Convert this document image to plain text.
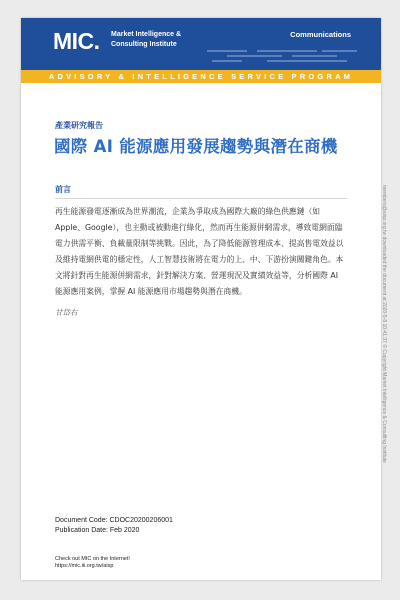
MIC. Market Intelligence &
Consulting Institute
Communications
ADVISORY & INTELLIGENCE SERVICE PROGRAM
產業研究報告
國際 AI 能源應用發展趨勢與潛在商機
前言
再生能源發電逐漸成為世界潮流，企業為爭取成為國際大廠的綠色供應鏈（如
Apple、Google），也主動或被動進行綠化，然而再生能源併網需求，導致電網面臨
電力供需平衡、負載量限制等挑戰。因此，為了降低能源管理成本、提高售電效益以
及維持電網供電的穩定性，人工智慧技術將在電力的上、中、下游扮演關鍵角色。本
文將針對再生能源併網需求，針對解決方案、營運現況及實績效益等，分析國際 AI
能源應用案例，掌握 AI 能源應用市場趨勢與潛在商機。
甘岱右
Document Code: CDOC20200206001
Publication Date: Feb 2020
Check out MIC on the Internet!
https://mic.iii.org.tw/aisp
members@aisp.org.tw downloaded the document at 2020-5-8 10:41:37 © Copyright Market Intelligence & Consulting Institute
